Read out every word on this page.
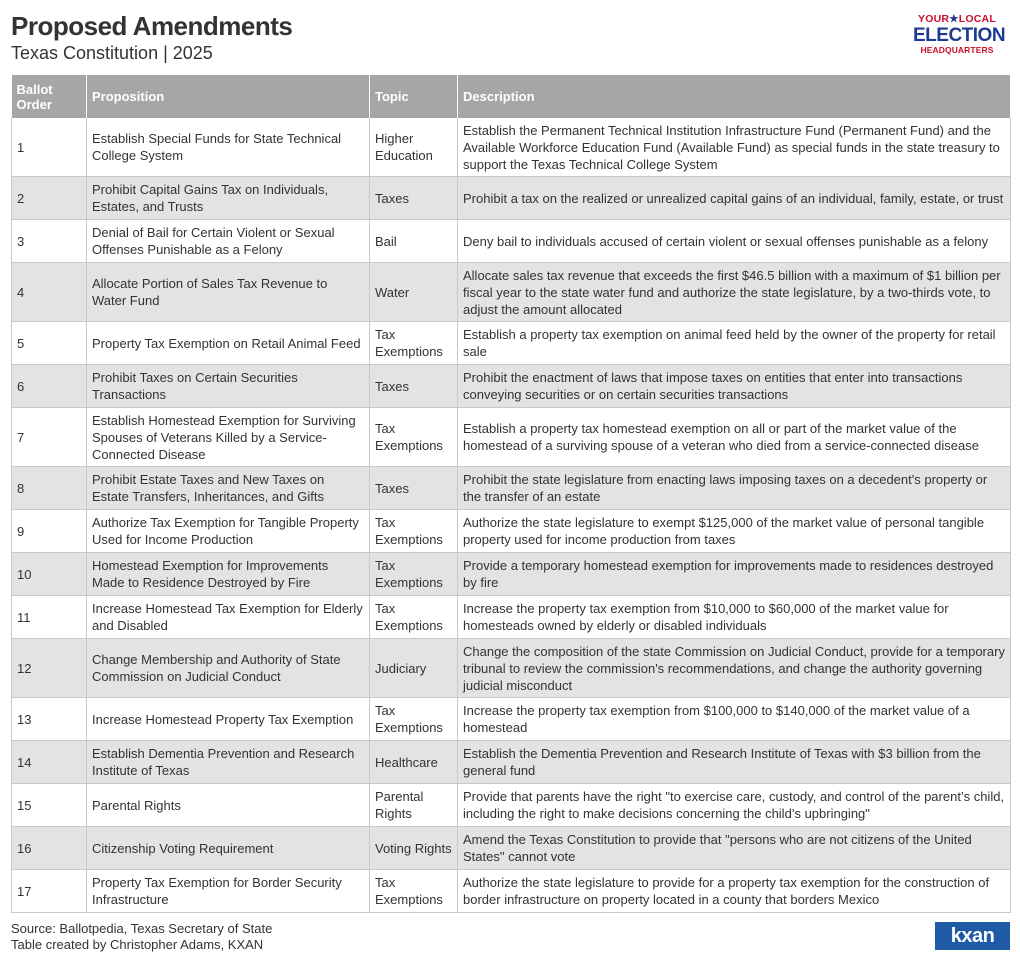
Proposed Amendments
Texas Constitution | 2025
YOUR★LOCAL
ELECTION
HEADQUARTERS
Ballot Order	Proposition	Topic	Description
1	Establish Special Funds for State Technical College System	Higher Education	Establish the Permanent Technical Institution Infrastructure Fund (Permanent Fund) and the Available Workforce Education Fund (Available Fund) as special funds in the state treasury to support the Texas Technical College System
2	Prohibit Capital Gains Tax on Individuals, Estates, and Trusts	Taxes	Prohibit a tax on the realized or unrealized capital gains of an individual, family, estate, or trust
3	Denial of Bail for Certain Violent or Sexual Offenses Punishable as a Felony	Bail	Deny bail to individuals accused of certain violent or sexual offenses punishable as a felony
4	Allocate Portion of Sales Tax Revenue to Water Fund	Water	Allocate sales tax revenue that exceeds the first $46.5 billion with a maximum of $1 billion per fiscal year to the state water fund and authorize the state legislature, by a two-thirds vote, to adjust the amount allocated
5	Property Tax Exemption on Retail Animal Feed	Tax Exemptions	Establish a property tax exemption on animal feed held by the owner of the property for retail sale
6	Prohibit Taxes on Certain Securities Transactions	Taxes	Prohibit the enactment of laws that impose taxes on entities that enter into transactions conveying securities or on certain securities transactions
7	Establish Homestead Exemption for Surviving Spouses of Veterans Killed by a Service-Connected Disease	Tax Exemptions	Establish a property tax homestead exemption on all or part of the market value of the homestead of a surviving spouse of a veteran who died from a service-connected disease
8	Prohibit Estate Taxes and New Taxes on Estate Transfers, Inheritances, and Gifts	Taxes	Prohibit the state legislature from enacting laws imposing taxes on a decedent's property or the transfer of an estate
9	Authorize Tax Exemption for Tangible Property Used for Income Production	Tax Exemptions	Authorize the state legislature to exempt $125,000 of the market value of personal tangible property used for income production from taxes
10	Homestead Exemption for Improvements Made to Residence Destroyed by Fire	Tax Exemptions	Provide a temporary homestead exemption for improvements made to residences destroyed by fire
11	Increase Homestead Tax Exemption for Elderly and Disabled	Tax Exemptions	Increase the property tax exemption from $10,000 to $60,000 of the market value for homesteads owned by elderly or disabled individuals
12	Change Membership and Authority of State Commission on Judicial Conduct	Judiciary	Change the composition of the state Commission on Judicial Conduct, provide for a temporary tribunal to review the commission's recommendations, and change the authority governing judicial misconduct
13	Increase Homestead Property Tax Exemption	Tax Exemptions	Increase the property tax exemption from $100,000 to $140,000 of the market value of a homestead
14	Establish Dementia Prevention and Research Institute of Texas	Healthcare	Establish the Dementia Prevention and Research Institute of Texas with $3 billion from the general fund
15	Parental Rights	Parental Rights	Provide that parents have the right "to exercise care, custody, and control of the parent’s child, including the right to make decisions concerning the child’s upbringing"
16	Citizenship Voting Requirement	Voting Rights	Amend the Texas Constitution to provide that "persons who are not citizens of the United States" cannot vote
17	Property Tax Exemption for Border Security Infrastructure	Tax Exemptions	Authorize the state legislature to provide for a property tax exemption for the construction of border infrastructure on property located in a county that borders Mexico
Source: Ballotpedia, Texas Secretary of State
Table created by Christopher Adams, KXAN	kxan
